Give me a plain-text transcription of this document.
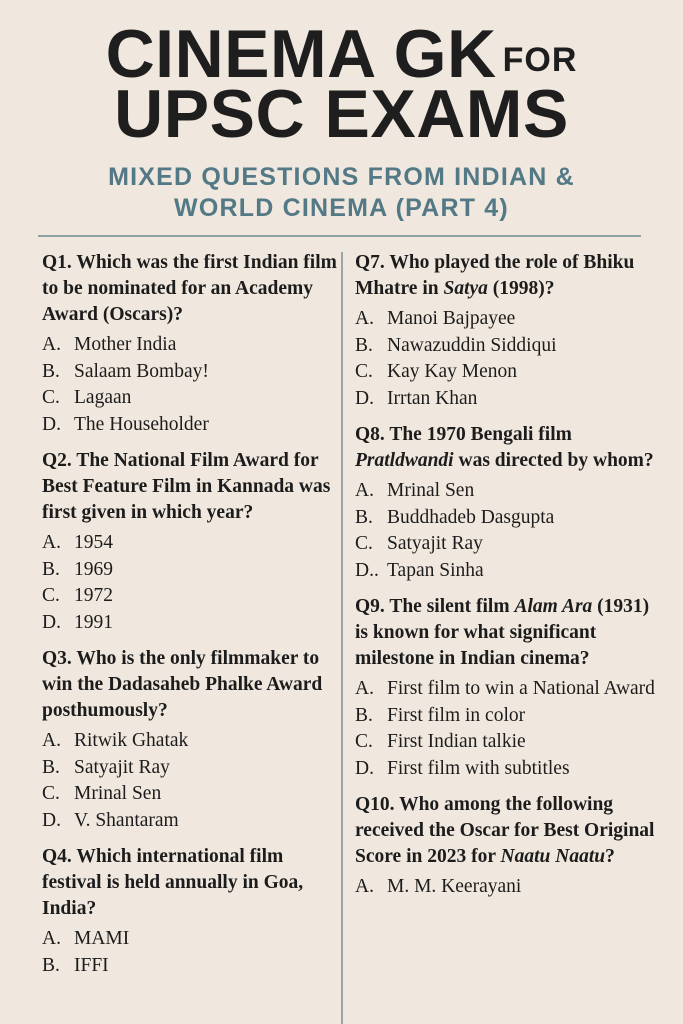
CINEMA GK $^{FOR}$
UPSC EXAMS
MIXED QUESTIONS FROM INDIAN &
WORLD CINEMA (PART 4)
Q1. Which was the first Indian film to be nominated for an Academy Award (Oscars)?
A. Mother India
B. Salaam Bombay!
C. Lagaan
D. The Householder
Q2. The National Film Award for Best Feature Film in Kannada was first given in which year?
A. 1954
B. 1969
C. 1972
D. 1991
Q3. Who is the only filmmaker to win the Dadasaheb Phalke Award posthumously?
A. Ritwik Ghatak
B. Satyajit Ray
C. Mrinal Sen
D. V. Shantaram
Q4. Which international film festival is held annually in Goa, India?
A. MAMI
B. IFFI
Q7. Who played the role of Bhiku Mhatre in Satya (1998)?
A. Manoi Bajpayee
B. Nawazuddin Siddiqui
C. Kay Kay Menon
D. Irrtan Khan
Q8. The 1970 Bengali film Pratldwandi was directed by whom?
A. Mrinal Sen
B. Buddhadeb Dasgupta
C. Satyajit Ray
D.. Tapan Sinha
Q9. The silent film Alam Ara (1931) is known for what significant milestone in Indian cinema?
A. First film to win a National Award
B. First film in color
C. First Indian talkie
D. First film with subtitles
Q10. Who among the following received the Oscar for Best Original Score in 2023 for Naatu Naatu?
A. M. M. Keerayani
